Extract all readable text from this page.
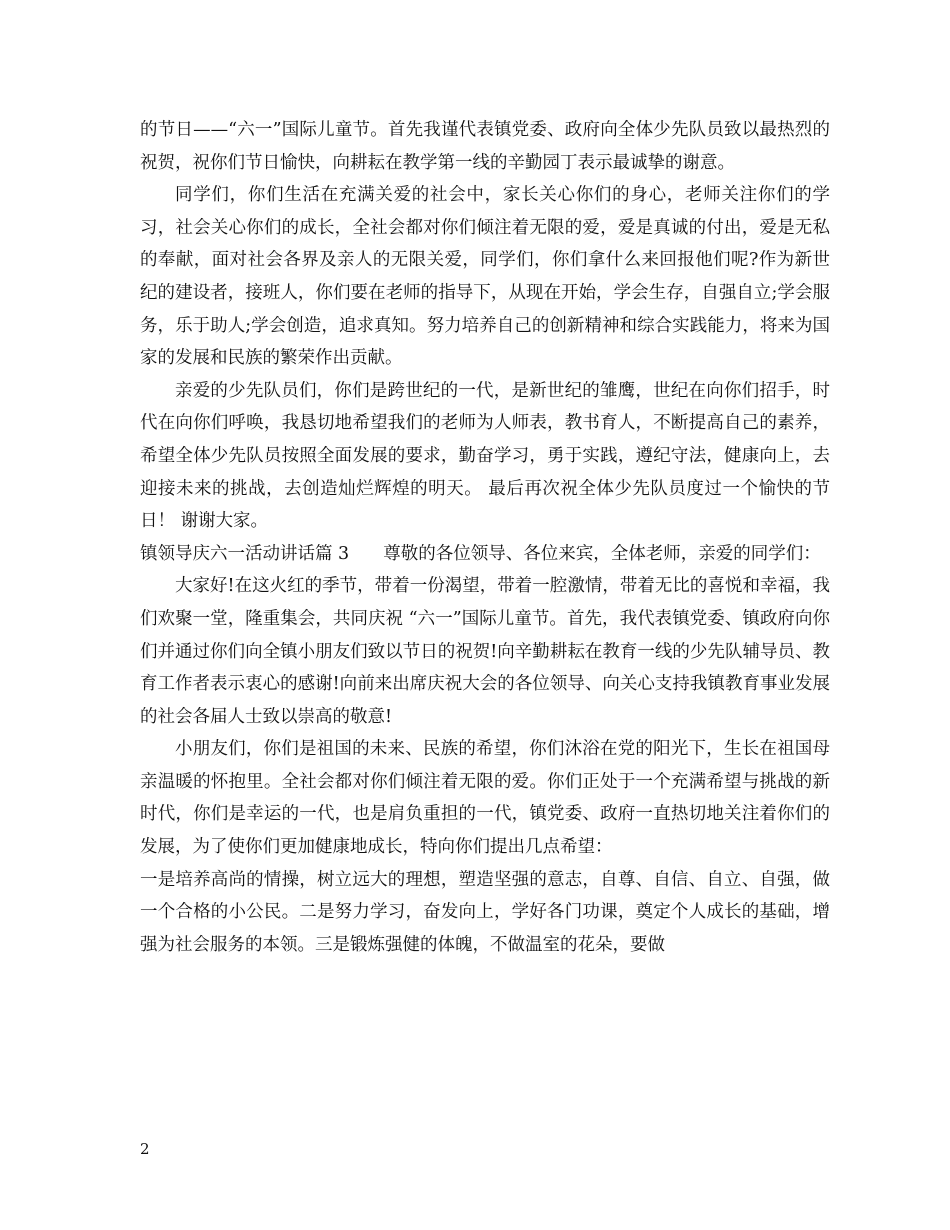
的节日——“六一”国际儿童节。首先我谨代表镇党委、政府向全体少先队员致以最热烈的祝贺，祝你们节日愉快，向耕耘在教学第一线的辛勤园丁表示最诚挚的谢意。

同学们，你们生活在充满关爱的社会中，家长关心你们的身心，老师关注你们的学习，社会关心你们的成长，全社会都对你们倾注着无限的爱，爱是真诚的付出，爱是无私的奉献，面对社会各界及亲人的无限关爱，同学们，你们拿什么来回报他们呢?作为新世纪的建设者，接班人，你们要在老师的指导下，从现在开始，学会生存，自强自立;学会服务，乐于助人;学会创造，追求真知。努力培养自己的创新精神和综合实践能力，将来为国家的发展和民族的繁荣作出贡献。

亲爱的少先队员们，你们是跨世纪的一代，是新世纪的雏鹰，世纪在向你们招手，时代在向你们呼唤，我恳切地希望我们的老师为人师表，教书育人，不断提高自己的素养，希望全体少先队员按照全面发展的要求，勤奋学习，勇于实践，遵纪守法，健康向上，去迎接未来的挑战，去创造灿烂辉煌的明天。 最后再次祝全体少先队员度过一个愉快的节日！ 谢谢大家。

镇领导庆六一活动讲话篇 3 尊敬的各位领导、各位来宾，全体老师，亲爱的同学们：

大家好!在这火红的季节，带着一份渴望，带着一腔激情，带着无比的喜悦和幸福，我们欢聚一堂，隆重集会，共同庆祝 “六一”国际儿童节。首先，我代表镇党委、镇政府向你们并通过你们向全镇小朋友们致以节日的祝贺!向辛勤耕耘在教育一线的少先队辅导员、教育工作者表示衷心的感谢!向前来出席庆祝大会的各位领导、向关心支持我镇教育事业发展的社会各届人士致以崇高的敬意!

小朋友们，你们是祖国的未来、民族的希望，你们沐浴在党的阳光下，生长在祖国母亲温暖的怀抱里。全社会都对你们倾注着无限的爱。你们正处于一个充满希望与挑战的新时代，你们是幸运的一代，也是肩负重担的一代，镇党委、政府一直热切地关注着你们的发展，为了使你们更加健康地成长，特向你们提出几点希望：

一是培养高尚的情操，树立远大的理想，塑造坚强的意志，自尊、自信、自立、自强，做一个合格的小公民。二是努力学习，奋发向上，学好各门功课，奠定个人成长的基础，增强为社会服务的本领。三是锻炼强健的体魄，不做温室的花朵，要做

2
